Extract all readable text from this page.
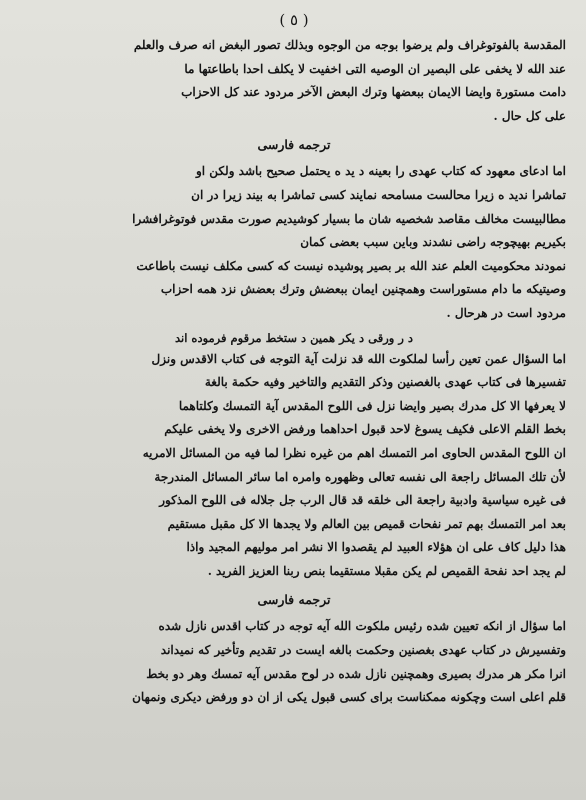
( ٥ )
المقدسة بالفوتوغراف ولم يرضوا بوجه من الوجوه وبذلك تصور البغض انه صرف والعلم
عند الله لا يخفى على البصير ان الوصيه التى اخفيت لا يكلف احدا باطاعتها ما
دامت مستورة وايضا الايمان ببعضها وترك البعض الآخر مردود عند كل الاحزاب
على كل حال .
ترجمه فارسى
اما ادعاى معهود كه كتاب عهدى را بعينه د يد ه يحتمل صحيح باشد ولكن او
تماشرا نديد ه زيرا محالست مسامحه نمايند كسى تماشرا به بيند زيرا در ان
مطالبيست مخالف مقاصد شخصيه شان ما بسيار كوشيديم صورت مقدس فوتوغرافشرا
بكيريم بهيچوجه راضى نشدند وباين سبب بعضى كمان
نمودند محكوميت العلم عند الله بر بصير پوشيده نيست كه كسى مكلف نيست باطاعت
وصيتيكه ما دام مستوراست وهمچنين ايمان ببعضش وترك بعضش نزد همه احزاب
مردود است در هرحال .
د ر ورقى د يكر همين د ستخط مرقوم فرموده اند
اما السؤال عمن تعين رأسا لملكوت الله قد نزلت آية التوجه فى كتاب الاقدس ونزل
تفسيرها فى كتاب عهدى بالغصنين وذكر التقديم والتاخير وفيه حكمة بالغة
لا يعرفها الا كل مدرك بصير وايضا نزل فى اللوح المقدس آية التمسك وكلتاهما
بخط القلم الاعلى فكيف يسوغ لاحد قبول احداهما ورفض الاخرى ولا يخفى عليكم
ان اللوح المقدس الحاوى امر التمسك اهم من غيره نظرا لما فيه من المسائل الامريه
لأن تلك المسائل راجعة الى نفسه تعالى وظهوره وامره اما سائر المسائل المندرجة
فى غيره سياسية وادبية راجعة الى خلقه قد قال الرب جل جلاله فى اللوح المذكور
بعد امر التمسك بهم تمر نفحات قميص بين العالم ولا يجدها الا كل مقبل مستقيم
هذا دليل كاف على ان هؤلاء العبيد لم يقصدوا الا نشر امر موليهم المجيد واذا
لم يجد احد نفحة القميص لم يكن مقبلا مستقيما بنص ربنا العزيز الفريد .
ترجمه فارسى
اما سؤال از انكه تعيين شده رئيس ملكوت الله آيه توجه در كتاب اقدس نازل شده
وتفسيرش در كتاب عهدى بغصنين وحكمت بالغه ايست در تقديم وتأخير كه نميداند
انرا مكر هر مدرك بصيرى وهمچنين نازل شده در لوح مقدس آيه تمسك وهر دو بخط
قلم اعلى است وچكونه ممكناست براى كسى قبول يكى از ان دو ورفض ديكرى ونمهان
